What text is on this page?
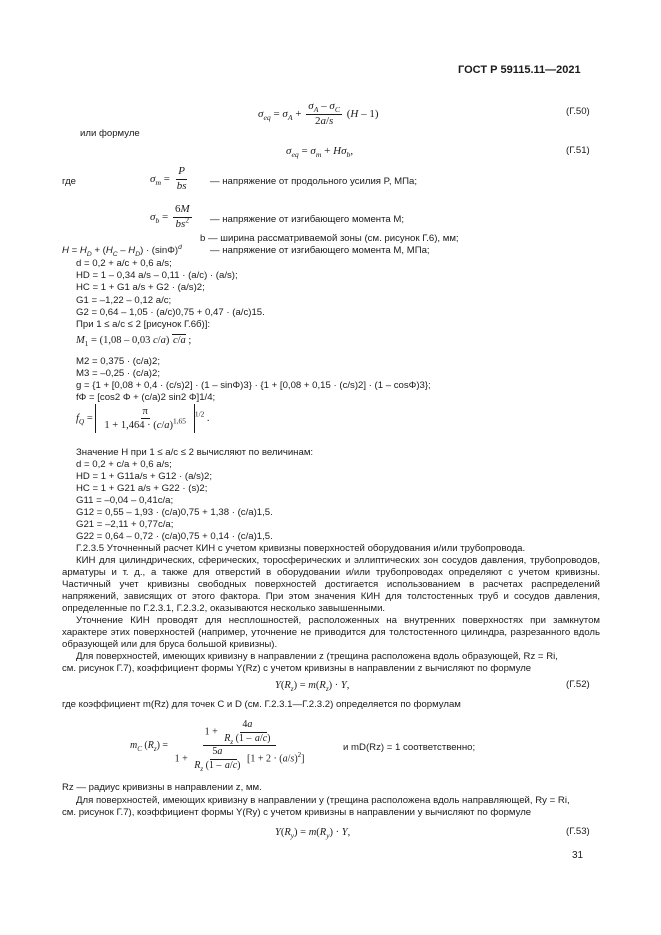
ГОСТ Р 59115.11—2021
$\sigma_{eq} = \sigma_A + \frac{\sigma_A - \sigma_C}{2a/s} (H - 1)$	(Г.50)
или формуле
$\sigma_{eq} = \sigma_m + H\sigma_b$,	(Г.51)
где	$\sigma_m = \frac{P}{bs}$ — напряжение от продольного усилия P, МПа;
$\sigma_b = \frac{6M}{bs^2}$ — напряжение от изгибающего момента M;
b — ширина рассматриваемой зоны (см. рисунок Г.6), мм;
$H = H_D + (H_C - H_D) \cdot (\sin\Phi)^d$	— напряжение от изгибающего момента M, МПа;
d = 0,2 + a/c + 0,6 a/s;
HD = 1 – 0,34 a/s – 0,11 · (a/c) · (a/s);
HC = 1 + G1 a/s + G2 · (a/s)2;
G1 = –1,22 – 0,12 a/c;
G2 = 0,64 – 1,05 · (a/c)0,75 + 0,47 · (a/c)15.
При 1 ≤ a/c ≤ 2 [рисунок Г.6б)]:
$M_1 = (1,08 - 0,03$ c/a) c/a ;
M2 = 0,375 · (c/a)2;
M3 = –0,25 · (c/a)2;
g = {1 + [0,08 + 0,4 · (c/s)2] · (1 – sinΦ)3} · {1 + [0,08 + 0,15 · (c/s)2] · (1 – cosΦ)3};
fΦ = [cos2 Φ + (c/a)2 sin2 Φ]1/4;
$f_Q = \frac{\pi}{1 + 1,464 \cdot (c/a)^{1,65}} ^{1/2}$ .
Значение H при 1 ≤ a/c ≤ 2 вычисляют по величинам:
d = 0,2 + c/a + 0,6 a/s;
HD = 1 + G11a/s + G12 · (a/s)2;
HC = 1 + G21 a/s + G22 · (s)2;
G11 = –0,04 – 0,41c/a;
G12 = 0,55 – 1,93 · (c/a)0,75 + 1,38 · (c/a)1,5.
G21 = –2,11 + 0,77c/a;
G22 = 0,64 – 0,72 · (c/a)0,75 + 0,14 · (c/a)1,5.
Г.2.3.5 Уточненный расчет КИН с учетом кривизны поверхностей оборудования и/или трубопровода.
КИН для цилиндрических, сферических, торосферических и эллиптических зон сосудов давления, трубопроводов, арматуры и т. д., а также для отверстий в оборудовании и/или трубопроводах определяют с учетом кривизны. Частичный учет кривизны свободных поверхностей достигается использованием в расчетах распределений напряжений, зависящих от этого фактора. При этом значения КИН для толстостенных труб и сосудов давления, определенные по Г.2.3.1, Г.2.3.2, оказываются несколько завышенными.
Уточнение КИН проводят для несплошностей, расположенных на внутренних поверхностях при замкнутом характере этих поверхностей (например, уточнение не приводится для толстостенного цилиндра, разрезанного вдоль образующей или для бруса большой кривизны).
Для поверхностей, имеющих кривизну в направлении z (трещина расположена вдоль образующей, Rz = Ri,
см. рисунок Г.7), коэффициент формы Y(Rz) с учетом кривизны в направлении z вычисляют по формуле
$Y(R_z) = m(R_z) \cdot Y$,	(Г.52)
где коэффициент m(Rz) для точек C и D (см. Г.2.3.1—Г.2.3.2) определяется по формулам
$m_C$ $(R_z) = \frac{1 + \frac{4a}{R_z (1 - a/c)}}{1 + \frac{5a}{R_z (1 - a/c)} [1 + 2 \cdot (a/s)^2]}$	и mD(Rz) = 1 соответственно;
Rz — радиус кривизны в направлении z, мм.
Для поверхностей, имеющих кривизну в направлении y (трещина расположена вдоль направляющей, Ry = Ri,
см. рисунок Г.7), коэффициент формы Y(Ry) с учетом кривизны в направлении y вычисляют по формуле
$Y(R_y) = m(R_y) \cdot Y$,	(Г.53)
31
